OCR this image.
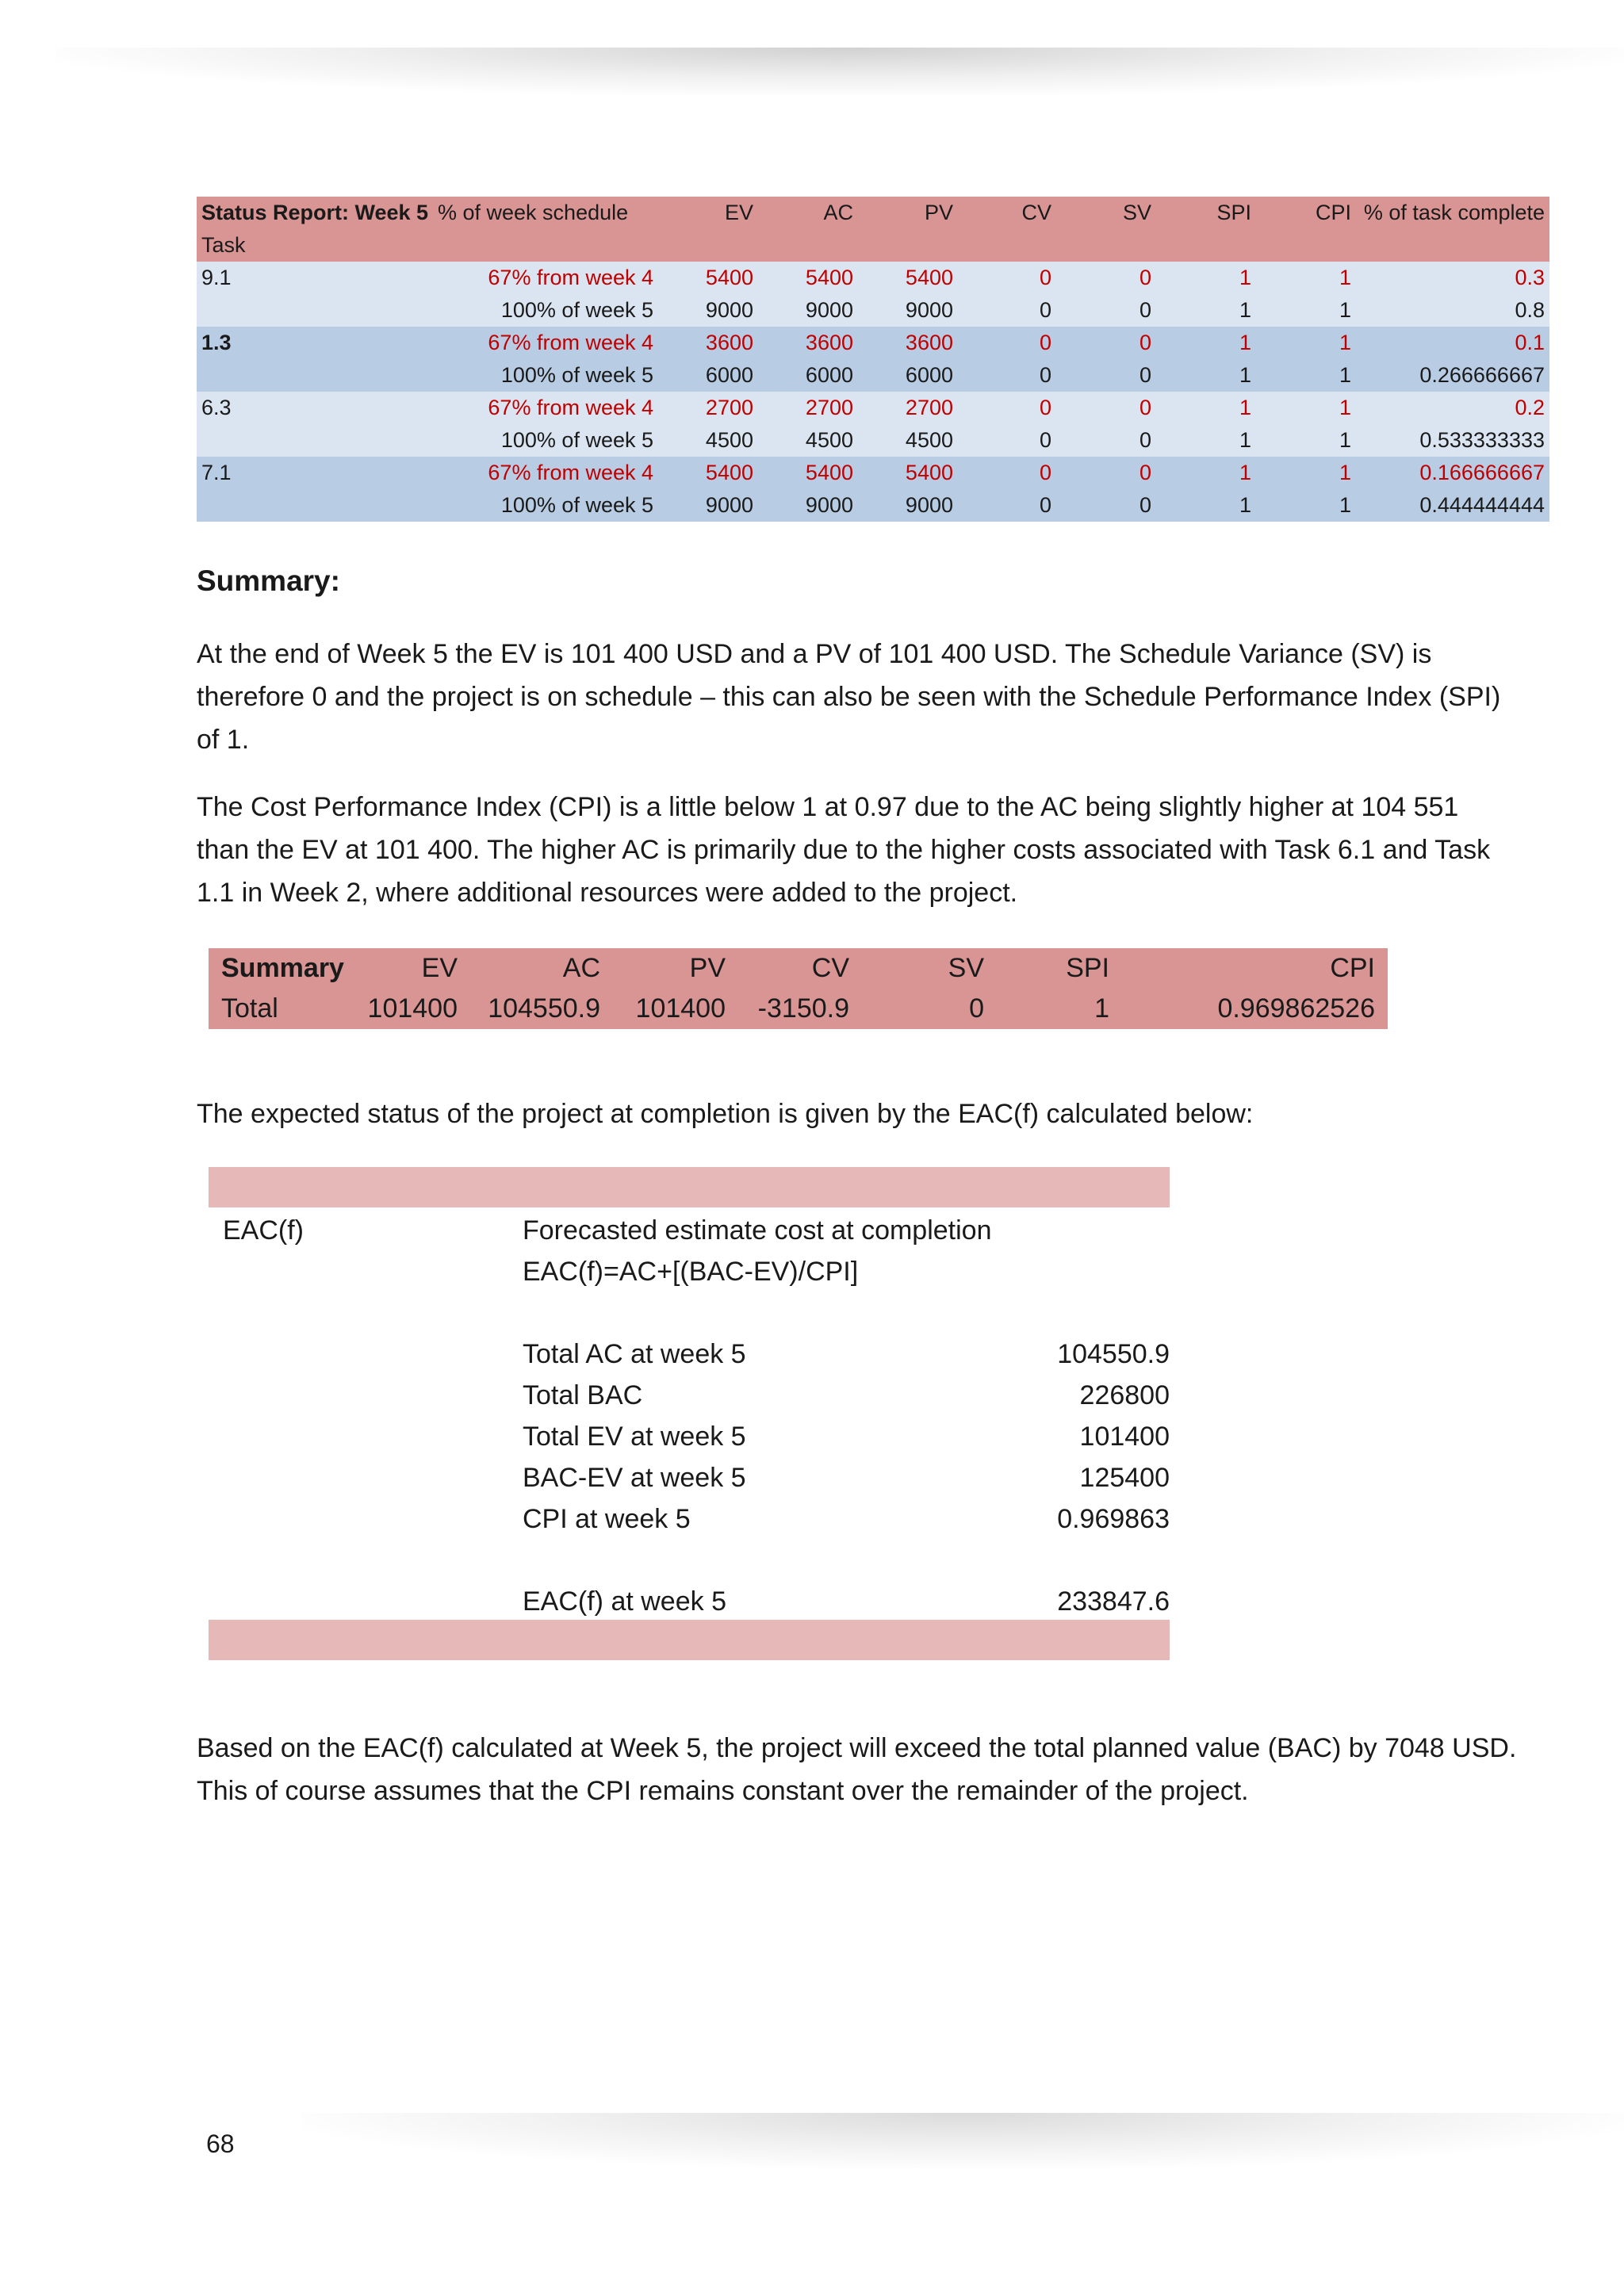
Status Report: Week 5	% of week schedule	EV	AC	PV	CV	SV	SPI	CPI	% of task complete
Task									
9.1	67% from week 4	5400	5400	5400	0	0	1	1	0.3
	100% of week 5	9000	9000	9000	0	0	1	1	0.8
1.3	67% from week 4	3600	3600	3600	0	0	1	1	0.1
	100% of week 5	6000	6000	6000	0	0	1	1	0.266666667
6.3	67% from week 4	2700	2700	2700	0	0	1	1	0.2
	100% of week 5	4500	4500	4500	0	0	1	1	0.533333333
7.1	67% from week 4	5400	5400	5400	0	0	1	1	0.166666667
	100% of week 5	9000	9000	9000	0	0	1	1	0.444444444
Summary:

At the end of Week 5 the EV is 101 400 USD and a PV of 101 400 USD. The Schedule Variance (SV) is therefore 0 and the project is on schedule – this can also be seen with the Schedule Performance Index (SPI) of 1.

The Cost Performance Index (CPI) is a little below 1 at 0.97 due to the AC being slightly higher at 104 551 than the EV at 101 400. The higher AC is primarily due to the higher costs associated with Task 6.1 and Task 1.1 in Week 2, where additional resources were added to the project.

Summary	EV	AC	PV	CV	SV	SPI	CPI
Total	101400	104550.9	101400	-3150.9	0	1	0.969862526

The expected status of the project at completion is given by the EAC(f) calculated below:

EAC(f)	Forecasted estimate cost at completion
EAC(f)=AC+[(BAC-EV)/CPI]
Total AC at week 5	104550.9
Total BAC	226800
Total EV at week 5	101400
BAC-EV at week 5	125400
CPI at week 5	0.969863
EAC(f) at week 5	233847.6

Based on the EAC(f) calculated at Week 5, the project will exceed the total planned value (BAC) by 7048 USD. This of course assumes that the CPI remains constant over the remainder of the project.

68
